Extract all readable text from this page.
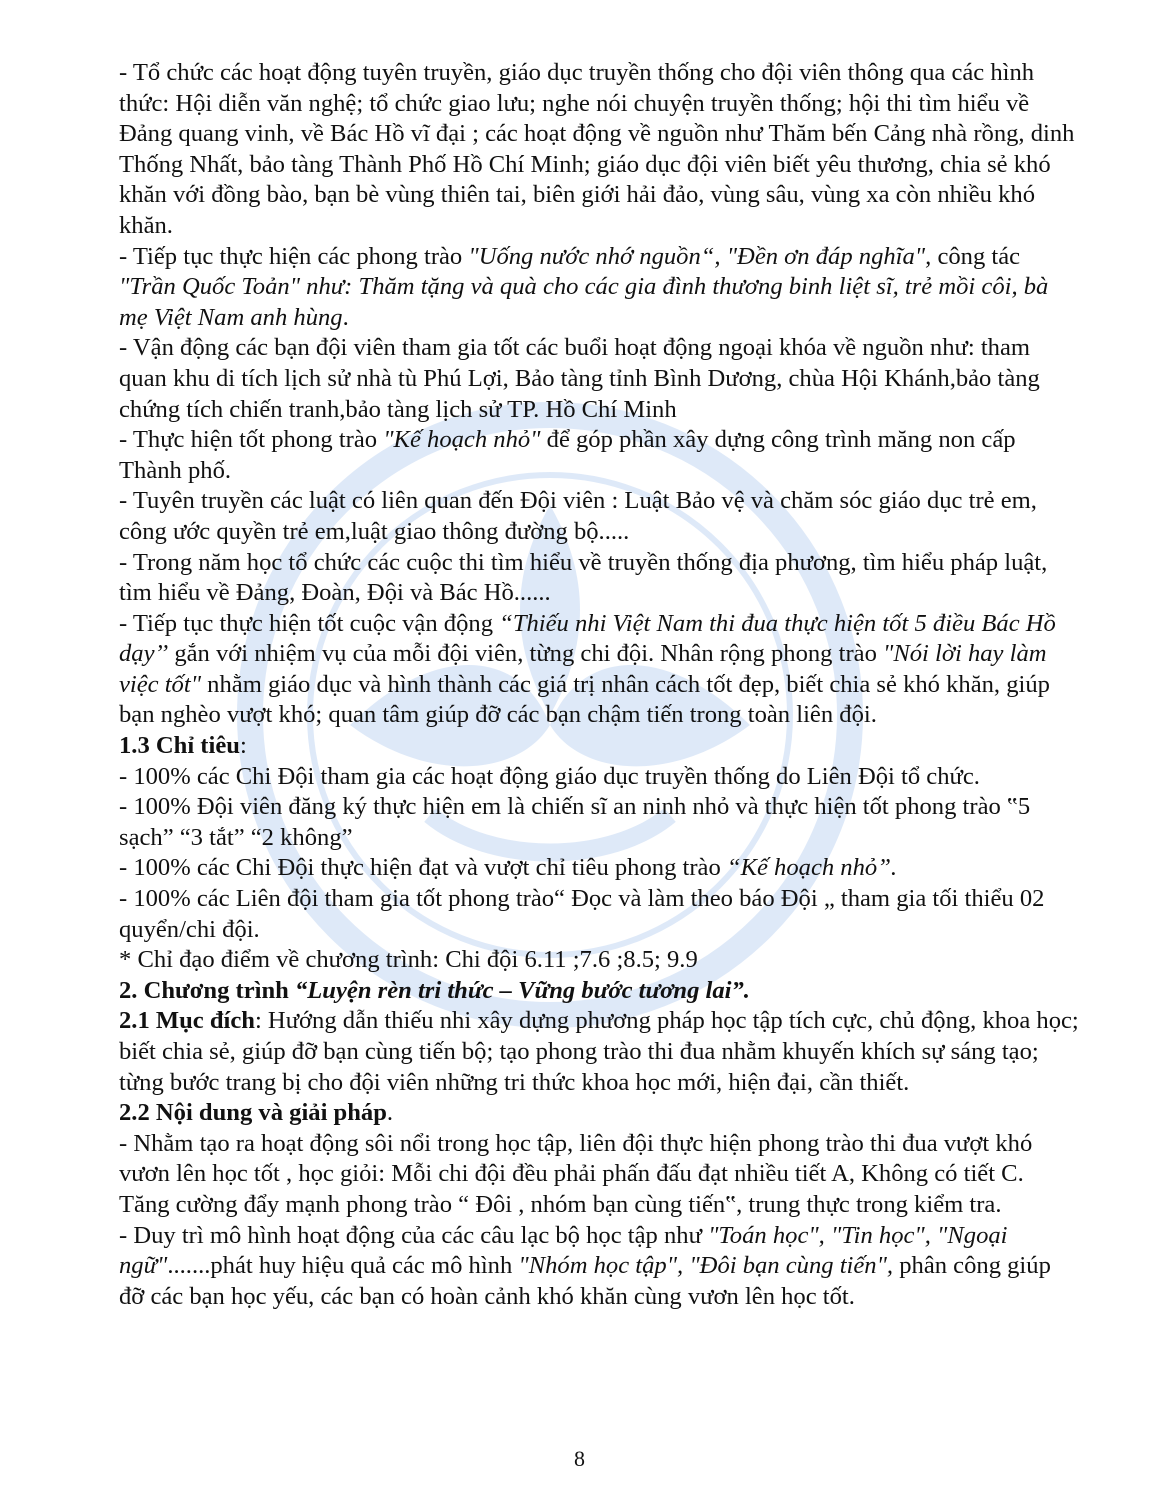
- Tổ chức các hoạt động tuyên truyền, giáo dục truyền thống cho đội viên thông qua các hình thức: Hội diễn văn nghệ; tổ chức giao lưu; nghe nói chuyện truyền thống; hội thi tìm hiểu về Đảng quang vinh, về Bác Hồ vĩ đại ; các hoạt động về nguồn như Thăm bến Cảng nhà rồng, dinh Thống Nhất, bảo tàng Thành Phố Hồ Chí Minh; giáo dục đội viên biết yêu thương, chia sẻ khó khăn với đồng bào, bạn bè vùng thiên tai, biên giới hải đảo, vùng sâu, vùng xa còn nhiều khó khăn.

- Tiếp tục thực hiện các phong trào "Uống nước nhớ nguồn“, "Đền ơn đáp nghĩa", công tác "Trần Quốc Toản" như: Thăm tặng và quà cho các gia đình thương binh liệt sĩ, trẻ mồi côi, bà mẹ Việt Nam anh hùng.

- Vận động các bạn đội viên tham gia tốt các buổi hoạt động ngoại khóa về nguồn như: tham quan khu di tích lịch sử nhà tù Phú Lợi, Bảo tàng tỉnh Bình Dương, chùa Hội Khánh,bảo tàng chứng tích chiến tranh,bảo tàng lịch sử TP. Hồ Chí Minh

- Thực hiện tốt phong trào "Kế hoạch nhỏ" để góp phần xây dựng công trình măng non cấp Thành phố.

- Tuyên truyền các luật có liên quan đến Đội viên : Luật Bảo vệ và chăm sóc giáo dục trẻ em, công ước quyền trẻ em,luật giao thông đường bộ.....

- Trong năm học tổ chức các cuộc thi tìm hiểu về truyền thống địa phương, tìm hiểu pháp luật, tìm hiểu về Đảng, Đoàn, Đội và Bác Hồ......

- Tiếp tục thực hiện tốt cuộc vận động “Thiếu nhi Việt Nam thi đua thực hiện tốt 5 điều Bác Hồ dạy’’ gắn với nhiệm vụ của mỗi đội viên, từng chi đội. Nhân rộng phong trào "Nói lời hay làm việc tốt" nhằm giáo dục và hình thành các giá trị nhân cách tốt đẹp, biết chia sẻ khó khăn, giúp bạn nghèo vượt khó; quan tâm giúp đỡ các bạn chậm tiến trong toàn liên đội.

1.3 Chỉ tiêu:

- 100% các Chi Đội tham gia các hoạt động giáo dục truyền thống do Liên Đội tổ chức.

- 100% Đội viên đăng ký thực hiện em là chiến sĩ an ninh nhỏ và thực hiện tốt phong trào ‟5 sạch” “3 tắt” “2 không”

- 100% các Chi Đội thực hiện đạt và vượt chỉ tiêu phong trào “Kế hoạch nhỏ”.

- 100% các Liên đội tham gia tốt phong trào“ Đọc và làm theo báo Đội „ tham gia tối thiểu 02 quyển/chi đội.

* Chỉ đạo điểm về chương trình: Chi đội 6.11 ;7.6 ;8.5; 9.9

2. Chương trình “Luyện rèn tri thức – Vững bước tương lai”.

2.1 Mục đích: Hướng dẫn thiếu nhi xây dựng phương pháp học tập tích cực, chủ động, khoa học; biết chia sẻ, giúp đỡ bạn cùng tiến bộ; tạo phong trào thi đua nhằm khuyến khích sự sáng tạo; từng bước trang bị cho đội viên những tri thức khoa học mới, hiện đại, cần thiết.

2.2 Nội dung và giải pháp.

- Nhằm tạo ra hoạt động sôi nổi trong học tập, liên đội thực hiện phong trào thi đua vượt khó vươn lên học tốt , học giỏi: Mỗi chi đội đều phải phấn đấu đạt nhiều tiết A, Không có tiết C. Tăng cường đẩy mạnh phong trào “ Đôi , nhóm bạn cùng tiến‟, trung thực trong kiểm tra.

- Duy trì mô hình hoạt động của các câu lạc bộ học tập như "Toán học", "Tin học", "Ngoại ngữ".......phát huy hiệu quả các mô hình "Nhóm học tập", "Đôi bạn cùng tiến", phân công giúp đỡ các bạn học yếu, các bạn có hoàn cảnh khó khăn cùng vươn lên học tốt.

8
